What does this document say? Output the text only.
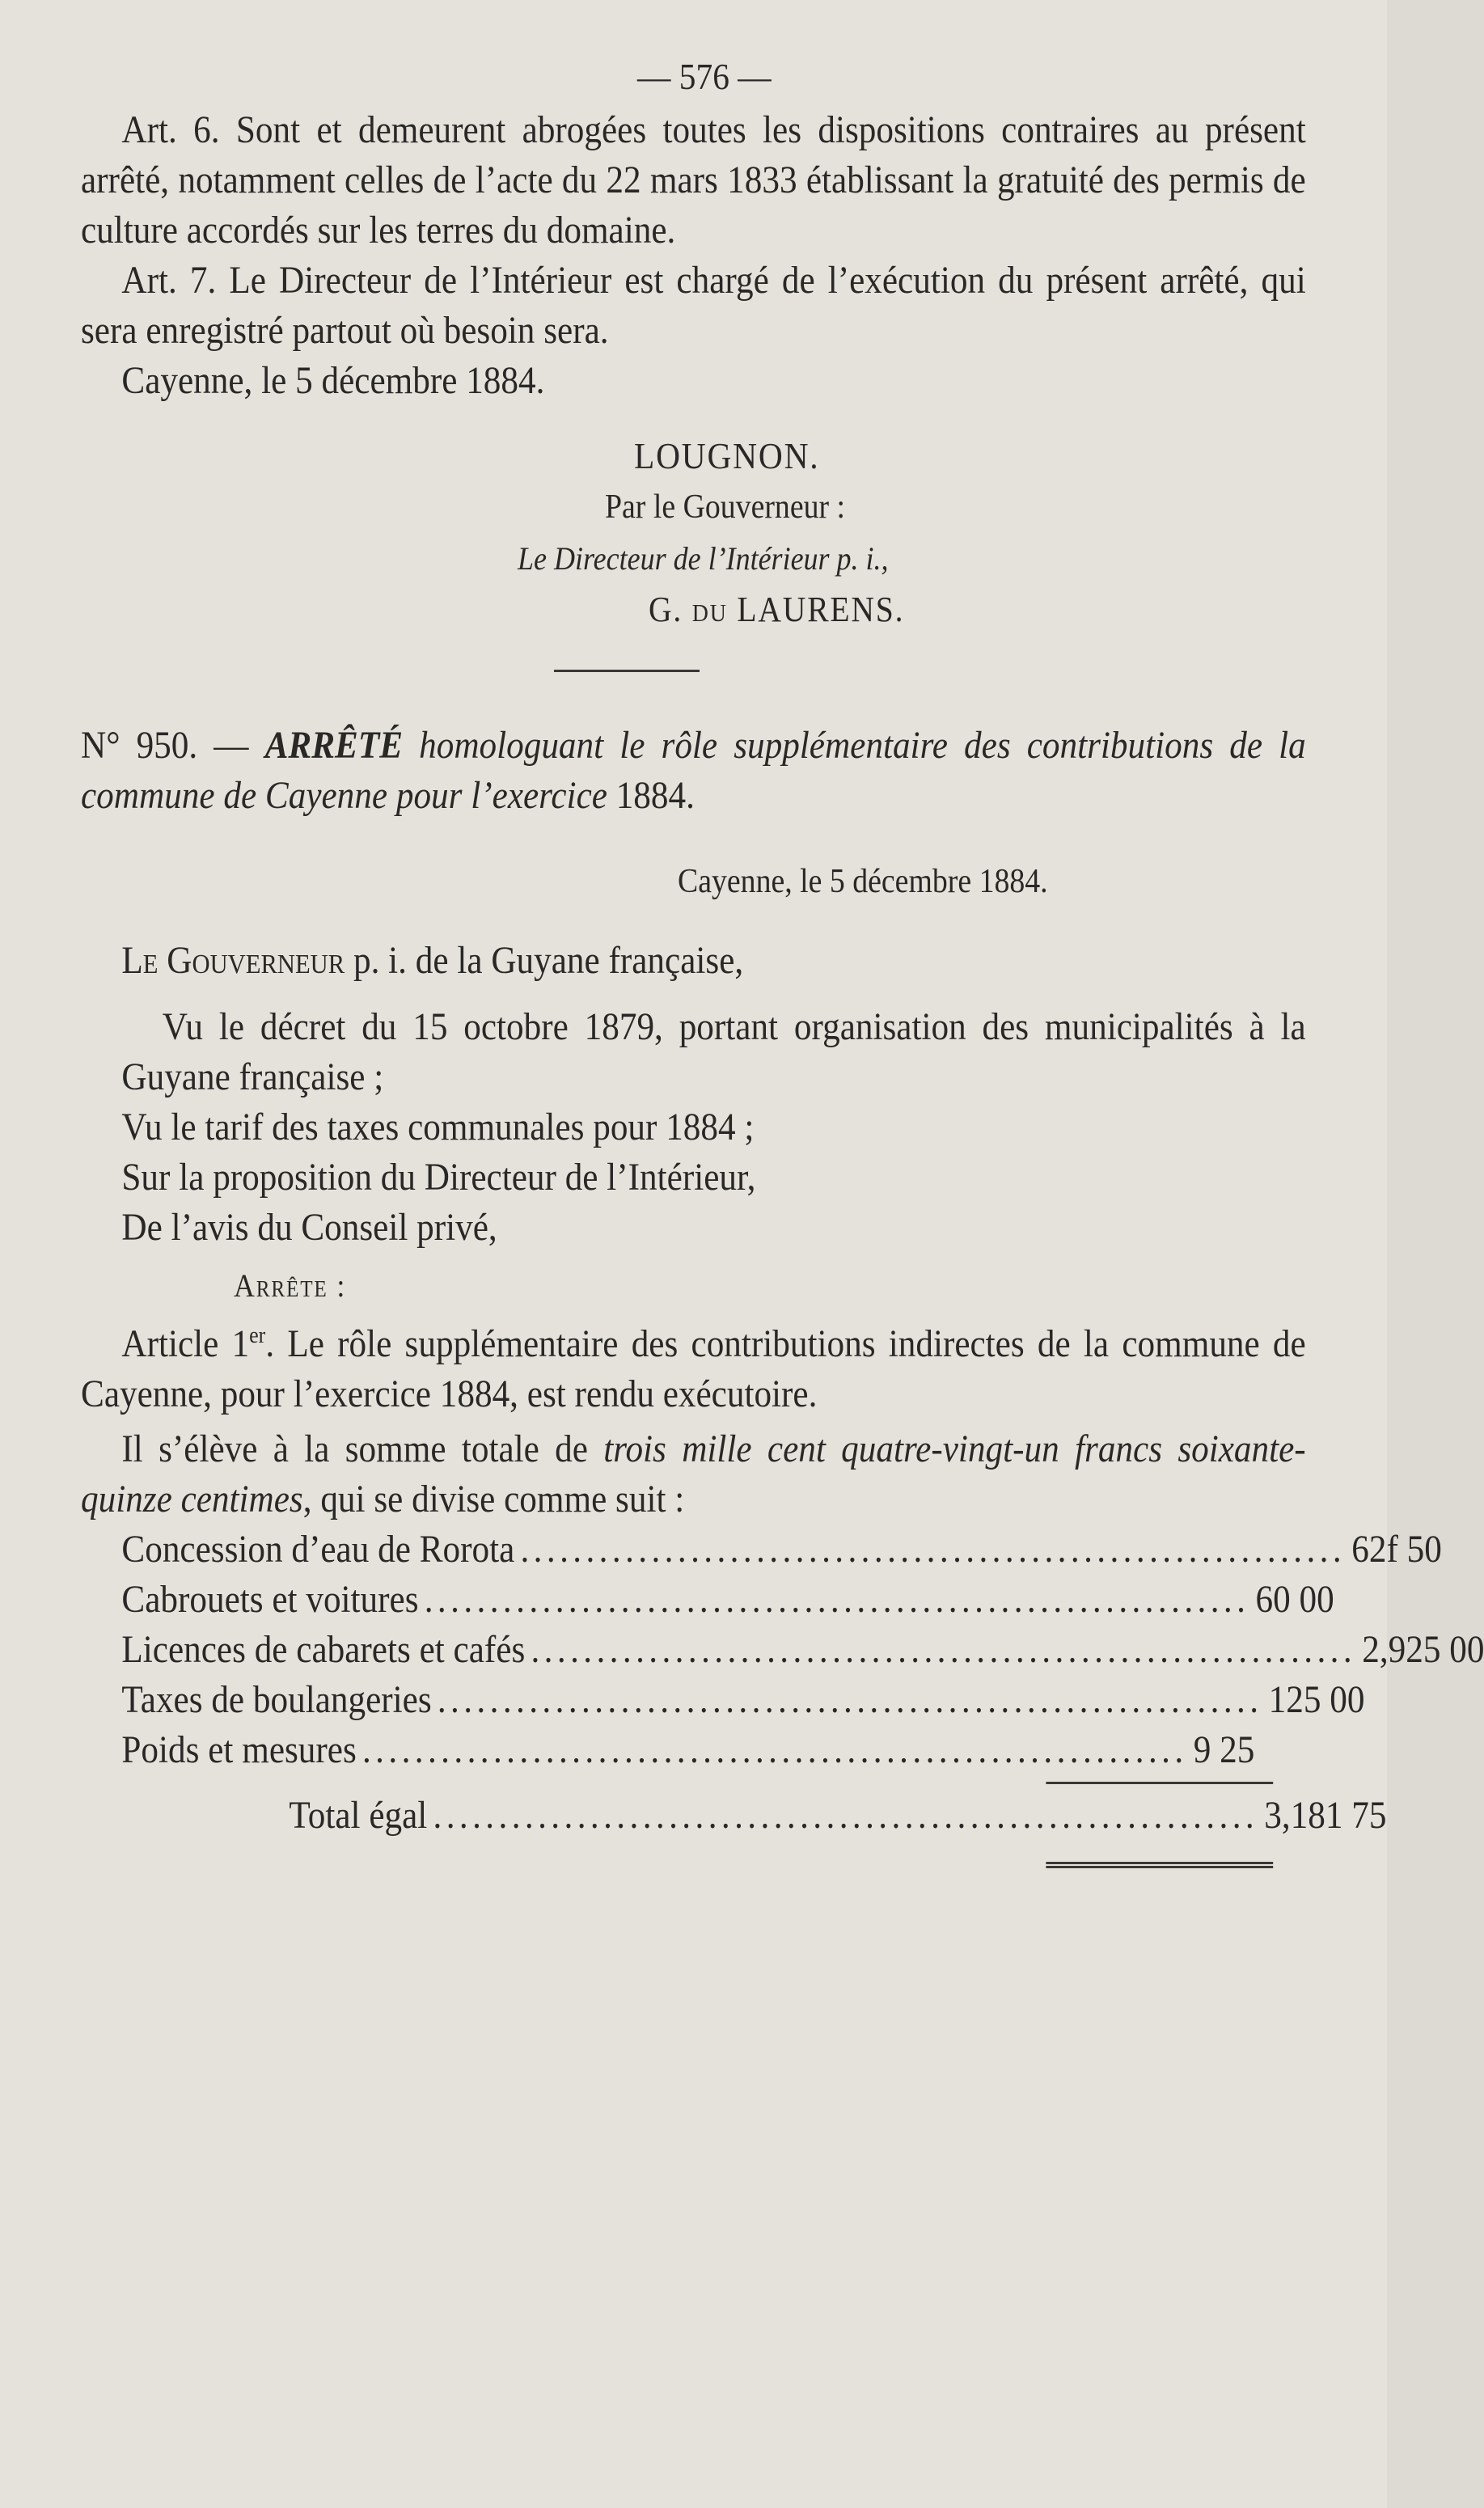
— 576 —

Art. 6. Sont et demeurent abrogées toutes les dispositions contraires au présent arrêté, notamment celles de l’acte du 22 mars 1833 établissant la gratuité des permis de culture accordés sur les terres du domaine.

Art. 7. Le Directeur de l’Intérieur est chargé de l’exécution du présent arrêté, qui sera enregistré partout où besoin sera.

Cayenne, le 5 décembre 1884.

LOUGNON.
Par le Gouverneur :
Le Directeur de l’Intérieur p. i.,
G. du LAURENS.

N° 950. — ARRÊTÉ homologuant le rôle supplémentaire des contributions de la commune de Cayenne pour l’exercice 1884.

Cayenne, le 5 décembre 1884.

Le Gouverneur p. i. de la Guyane française,

Vu le décret du 15 octobre 1879, portant organisation des municipalités à la Guyane française ;

Vu le tarif des taxes communales pour 1884 ;

Sur la proposition du Directeur de l’Intérieur,

De l’avis du Conseil privé,

Arrête :

Article 1er. Le rôle supplémentaire des contributions indirectes de la commune de Cayenne, pour l’exercice 1884, est rendu exécutoire.

Il s’élève à la somme totale de trois mille cent quatre-vingt-un francs soixante-quinze centimes, qui se divise comme suit :

Concession d’eau de Rorota ............................................................... 62f 50
Cabrouets et voitures ............................................................... 60 00
Licences de cabarets et cafés ............................................................... 2,925 00
Taxes de boulangeries ............................................................... 125 00
Poids et mesures ............................................................... 9 25
Total égal ............................................................... 3,181 75
